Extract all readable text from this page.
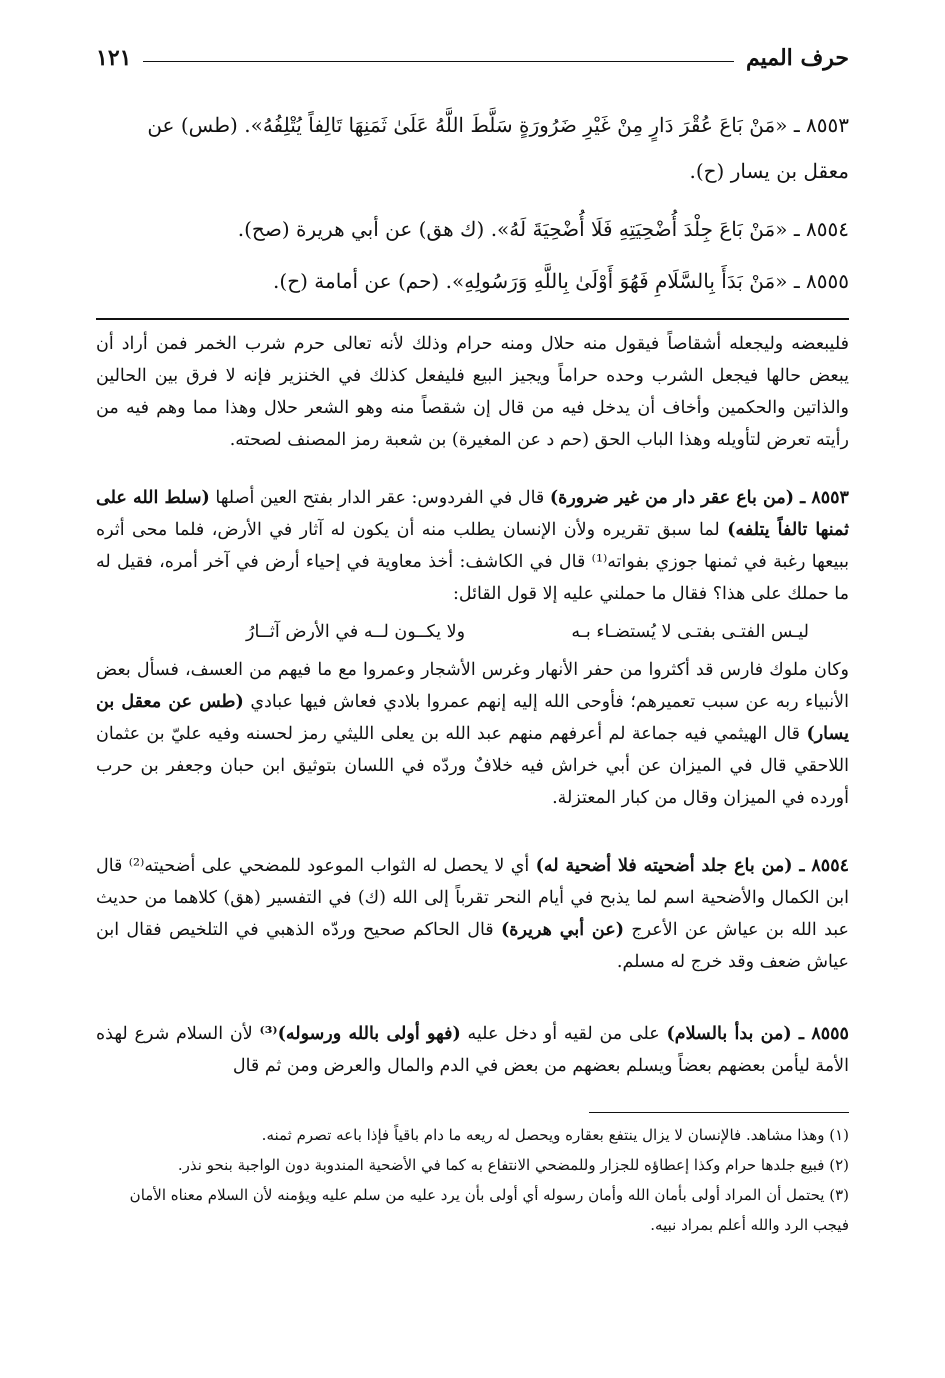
حرف الميم
١٢١
٨٥٥٣ ـ «مَنْ بَاعَ عُقْرَ دَارٍ مِنْ غَيْرِ ضَرُورَةٍ سَلَّطَ اللَّهُ عَلَىٰ ثَمَنِهَا تَالِفاً يُتْلِفُهُ». (طس) عن معقل بن يسار (ح).
٨٥٥٤ ـ «مَنْ بَاعَ جِلْدَ أُضْحِيَتِهِ فَلَا أُضْحِيَةَ لَهُ». (ك هق) عن أبي هريرة (صح).
٨٥٥٥ ـ «مَنْ بَدَأَ بِالسَّلَامِ فَهُوَ أَوْلَىٰ بِاللَّهِ وَرَسُولِهِ». (حم) عن أمامة (ح).

فليبعضه وليجعله أشقاصاً فيقول منه حلال ومنه حرام وذلك لأنه تعالى حرم شرب الخمر فمن أراد أن يبعض حالها فيجعل الشرب وحده حراماً ويجيز البيع فليفعل كذلك في الخنزير فإنه لا فرق بين الحالين والذاتين والحكمين وأخاف أن يدخل فيه من قال إن شقصاً منه وهو الشعر حلال وهذا مما وهم فيه من رأيته تعرض لتأويله وهذا الباب الحق (حم د عن المغيرة) بن شعبة رمز المصنف لصحته.

٨٥٥٣ ـ (من باع عقر دار من غير ضرورة) قال في الفردوس: عقر الدار بفتح العين أصلها (سلط الله على ثمنها تالفاً يتلفه) لما سبق تقريره ولأن الإنسان يطلب منه أن يكون له آثار في الأرض، فلما محى أثره ببيعها رغبة في ثمنها جوزي بفواته⁽¹⁾ قال في الكاشف: أخذ معاوية في إحياء أرض في آخر أمره، فقيل له ما حملك على هذا؟ فقال ما حملني عليه إلا قول القائل:

ليـس الفتـى بفتـى لا يُستضـاء بـه
ولا يكــون لــه في الأرض آثــارُ

وكان ملوك فارس قد أكثروا من حفر الأنهار وغرس الأشجار وعمروا مع ما فيهم من العسف، فسأل بعض الأنبياء ربه عن سبب تعميرهم؛ فأوحى الله إليه إنهم عمروا بلادي فعاش فيها عبادي (طس عن معقل بن يسار) قال الهيثمي فيه جماعة لم أعرفهم منهم عبد الله بن يعلى الليثي رمز لحسنه وفيه عليّ بن عثمان اللاحقي قال في الميزان عن أبي خراش فيه خلافٌ وردّه في اللسان بتوثيق ابن حبان وجعفر بن حرب أورده في الميزان وقال من كبار المعتزلة.

٨٥٥٤ ـ (من باع جلد أضحيته فلا أضحية له) أي لا يحصل له الثواب الموعود للمضحي على أضحيته⁽²⁾ قال ابن الكمال والأضحية اسم لما يذبح في أيام النحر تقرباً إلى الله (ك) في التفسير (هق) كلاهما من حديث عبد الله بن عياش عن الأعرج (عن أبي هريرة) قال الحاكم صحيح وردّه الذهبي في التلخيص فقال ابن عياش ضعف وقد خرج له مسلم.

٨٥٥٥ ـ (من بدأ بالسلام) على من لقيه أو دخل عليه (فهو أولى بالله ورسوله)⁽³⁾ لأن السلام شرع لهذه الأمة ليأمن بعضهم بعضاً ويسلم بعضهم من بعض في الدم والمال والعرض ومن ثم قال

(١) وهذا مشاهد. فالإنسان لا يزال ينتفع بعقاره ويحصل له ريعه ما دام باقياً فإذا باعه تصرم ثمنه.

(٢) فبيع جلدها حرام وكذا إعطاؤه للجزار وللمضحي الانتفاع به كما في الأضحية المندوبة دون الواجبة بنحو نذر.

(٣) يحتمل أن المراد أولى بأمان الله وأمان رسوله أي أولى بأن يرد عليه من سلم عليه ويؤمنه لأن السلام معناه الأمان فيجب الرد والله أعلم بمراد نبيه.
